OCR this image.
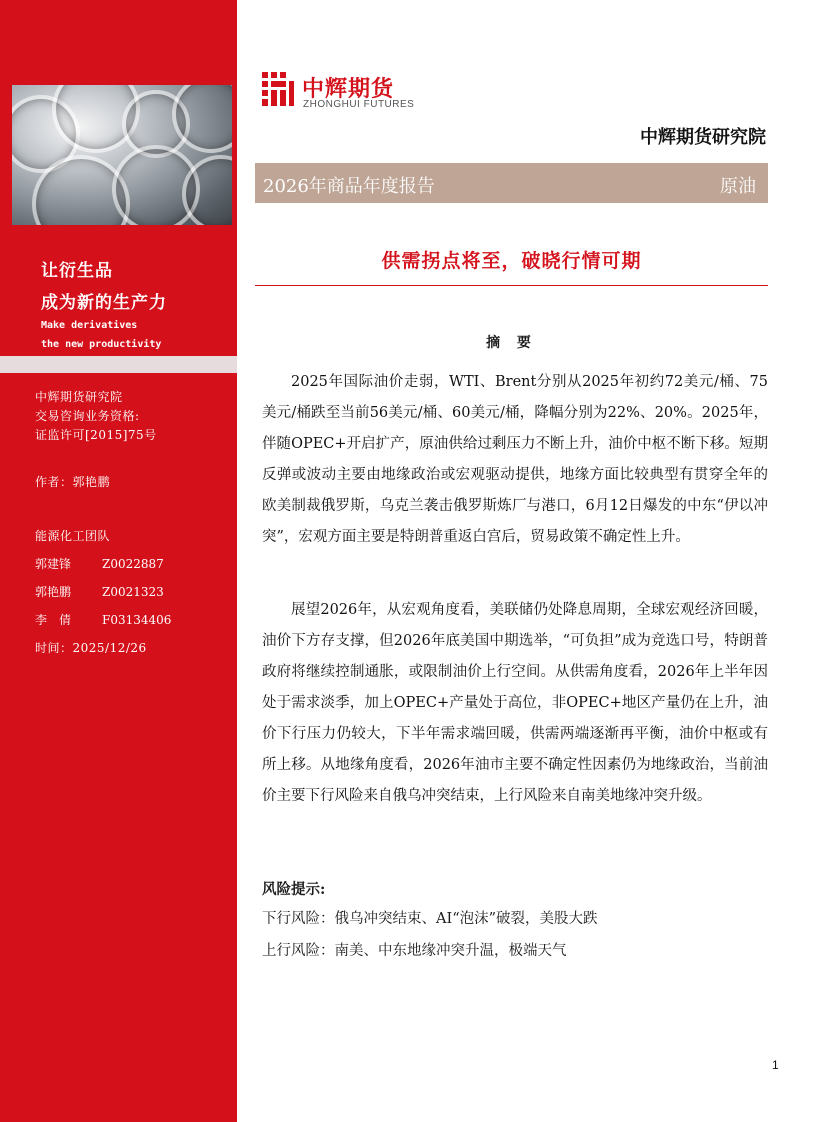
让衍生品
成为新的生产力
Make derivatives
the new productivity
中辉期货研究院
交易咨询业务资格:
证监许可[2015]75号
作者：郭艳鹏
能源化工团队
郭建锋	Z0022887
郭艳鹏	Z0021323
李　倩	F03134406
时间：2025/12/26
中辉期货
ZHONGHUI FUTURES
中辉期货研究院
2026年商品年度报告	原油
供需拐点将至，破晓行情可期
摘 要
2025年国际油价走弱，WTI、Brent分别从2025年初约72美元/桶、75美元/桶跌至当前56美元/桶、60美元/桶，降幅分别为22%、20%。2025年，伴随OPEC+开启扩产，原油供给过剩压力不断上升，油价中枢不断下移。短期反弹或波动主要由地缘政治或宏观驱动提供，地缘方面比较典型有贯穿全年的欧美制裁俄罗斯，乌克兰袭击俄罗斯炼厂与港口，6月12日爆发的中东“伊以冲突”，宏观方面主要是特朗普重返白宫后，贸易政策不确定性上升。
展望2026年，从宏观角度看，美联储仍处降息周期，全球宏观经济回暖，油价下方存支撑，但2026年底美国中期选举，“可负担”成为竞选口号，特朗普政府将继续控制通胀，或限制油价上行空间。从供需角度看，2026年上半年因处于需求淡季，加上OPEC+产量处于高位，非OPEC+地区产量仍在上升，油价下行压力仍较大，下半年需求端回暖，供需两端逐渐再平衡，油价中枢或有所上移。从地缘角度看，2026年油市主要不确定性因素仍为地缘政治，当前油价主要下行风险来自俄乌冲突结束，上行风险来自南美地缘冲突升级。
风险提示:
下行风险：俄乌冲突结束、AI“泡沫”破裂，美股大跌
上行风险：南美、中东地缘冲突升温，极端天气
1
